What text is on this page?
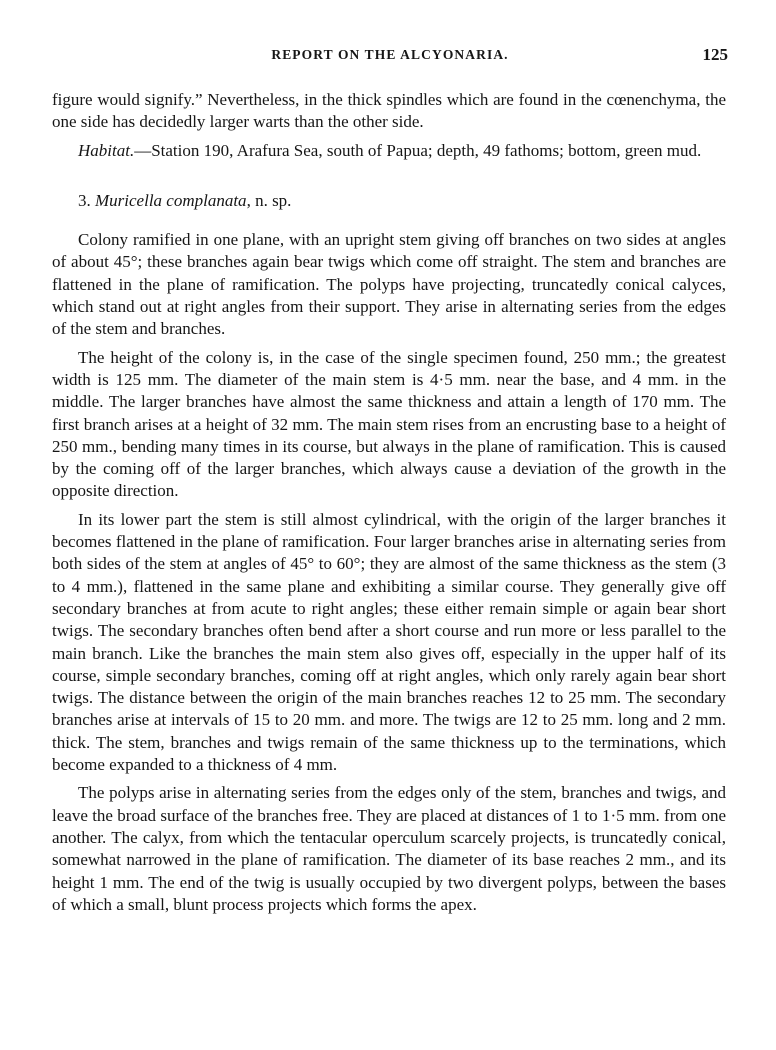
REPORT ON THE ALCYONARIA.	125

figure would signify.” Nevertheless, in the thick spindles which are found in the cœnenchyma, the one side has decidedly larger warts than the other side.

Habitat.—Station 190, Arafura Sea, south of Papua; depth, 49 fathoms; bottom, green mud.

3. Muricella complanata, n. sp.

Colony ramified in one plane, with an upright stem giving off branches on two sides at angles of about 45°; these branches again bear twigs which come off straight. The stem and branches are flattened in the plane of ramification. The polyps have projecting, truncatedly conical calyces, which stand out at right angles from their support. They arise in alternating series from the edges of the stem and branches.

The height of the colony is, in the case of the single specimen found, 250 mm.; the greatest width is 125 mm. The diameter of the main stem is 4·5 mm. near the base, and 4 mm. in the middle. The larger branches have almost the same thickness and attain a length of 170 mm. The first branch arises at a height of 32 mm. The main stem rises from an encrusting base to a height of 250 mm., bending many times in its course, but always in the plane of ramification. This is caused by the coming off of the larger branches, which always cause a deviation of the growth in the opposite direction.

In its lower part the stem is still almost cylindrical, with the origin of the larger branches it becomes flattened in the plane of ramification. Four larger branches arise in alternating series from both sides of the stem at angles of 45° to 60°; they are almost of the same thickness as the stem (3 to 4 mm.), flattened in the same plane and exhibiting a similar course. They generally give off secondary branches at from acute to right angles; these either remain simple or again bear short twigs. The secondary branches often bend after a short course and run more or less parallel to the main branch. Like the branches the main stem also gives off, especially in the upper half of its course, simple secondary branches, coming off at right angles, which only rarely again bear short twigs. The distance between the origin of the main branches reaches 12 to 25 mm. The secondary branches arise at intervals of 15 to 20 mm. and more. The twigs are 12 to 25 mm. long and 2 mm. thick. The stem, branches and twigs remain of the same thickness up to the terminations, which become expanded to a thickness of 4 mm.

The polyps arise in alternating series from the edges only of the stem, branches and twigs, and leave the broad surface of the branches free. They are placed at distances of 1 to 1·5 mm. from one another. The calyx, from which the tentacular operculum scarcely projects, is truncatedly conical, somewhat narrowed in the plane of ramification. The diameter of its base reaches 2 mm., and its height 1 mm. The end of the twig is usually occupied by two divergent polyps, between the bases of which a small, blunt process projects which forms the apex.
